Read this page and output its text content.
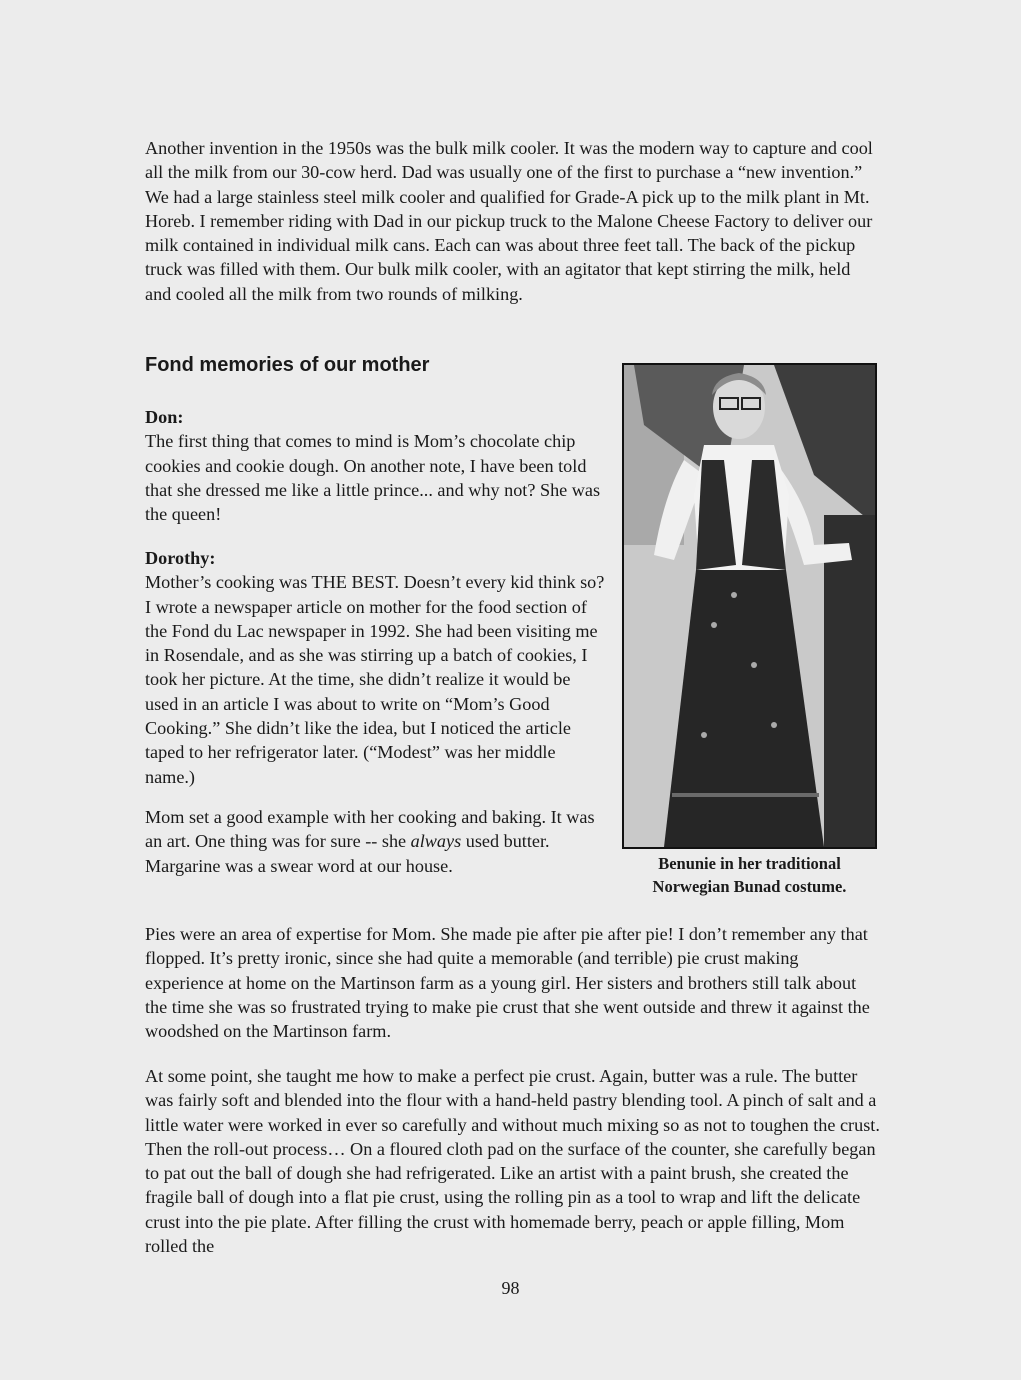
Another invention in the 1950s was the bulk milk cooler. It was the modern way to capture and cool all the milk from our 30-cow herd. Dad was usually one of the first to purchase a “new invention.” We had a large stainless steel milk cooler and qualified for Grade-A pick up to the milk plant in Mt. Horeb. I remember riding with Dad in our pickup truck to the Malone Cheese Factory to deliver our milk contained in individual milk cans. Each can was about three feet tall. The back of the pickup truck was filled with them. Our bulk milk cooler, with an agitator that kept stirring the milk, held and cooled all the milk from two rounds of milking.

Fond memories of our mother

Don:
The first thing that comes to mind is Mom’s chocolate chip cookies and cookie dough. On another note, I have been told that she dressed me like a little prince... and why not? She was the queen!

Dorothy:
Mother’s cooking was THE BEST. Doesn’t every kid think so? I wrote a newspaper article on mother for the food section of the Fond du Lac newspaper in 1992. She had been visiting me in Rosendale, and as she was stirring up a batch of cookies, I took her picture. At the time, she didn’t realize it would be used in an article I was about to write on “Mom’s Good Cooking.” She didn’t like the idea, but I noticed the article taped to her refrigerator later. (“Modest” was her middle name.)

Mom set a good example with her cooking and baking. It was an art. One thing was for sure -- she always used butter. Margarine was a swear word at our house.	Benunie in her traditional
Norwegian Bunad costume.

Pies were an area of expertise for Mom. She made pie after pie after pie! I don’t remember any that flopped. It’s pretty ironic, since she had quite a memorable (and terrible) pie crust making experience at home on the Martinson farm as a young girl. Her sisters and brothers still talk about the time she was so frustrated trying to make pie crust that she went outside and threw it against the woodshed on the Martinson farm.

At some point, she taught me how to make a perfect pie crust. Again, butter was a rule. The butter was fairly soft and blended into the flour with a hand-held pastry blending tool. A pinch of salt and a little water were worked in ever so carefully and without much mixing so as not to toughen the crust. Then the roll-out process… On a floured cloth pad on the surface of the counter, she carefully began to pat out the ball of dough she had refrigerated. Like an artist with a paint brush, she created the fragile ball of dough into a flat pie crust, using the rolling pin as a tool to wrap and lift the delicate crust into the pie plate. After filling the crust with homemade berry, peach or apple filling, Mom rolled the

98
